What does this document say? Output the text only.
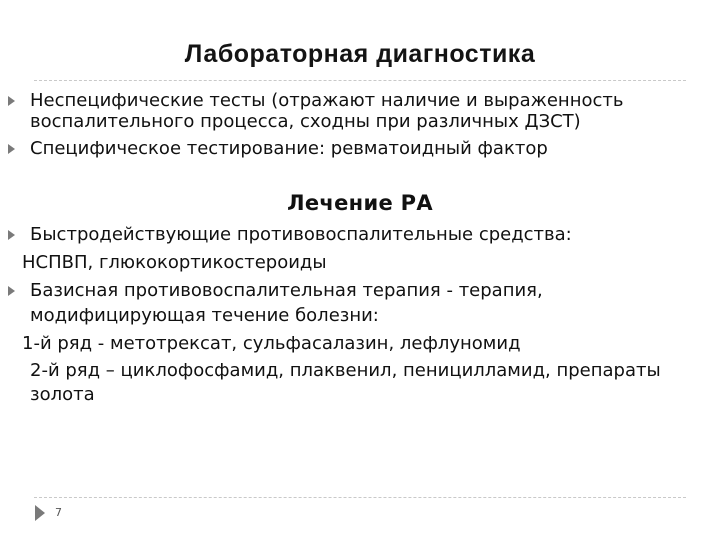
Лабораторная диагностика
Неспецифические тесты (отражают наличие и выраженность
воспалительного процесса, сходны при различных ДЗСТ)
Специфическое тестирование: ревматоидный фактор
Лечение РА
Быстродействующие противовоспалительные средства:
НСПВП, глюкокортикостероиды
Базисная противовоспалительная терапия - терапия,
модифицирующая течение болезни:
1-й ряд - метотрексат, сульфасалазин, лефлуномид
2-й ряд – циклофосфамид, плаквенил, пеницилламид, препараты
золота
7
